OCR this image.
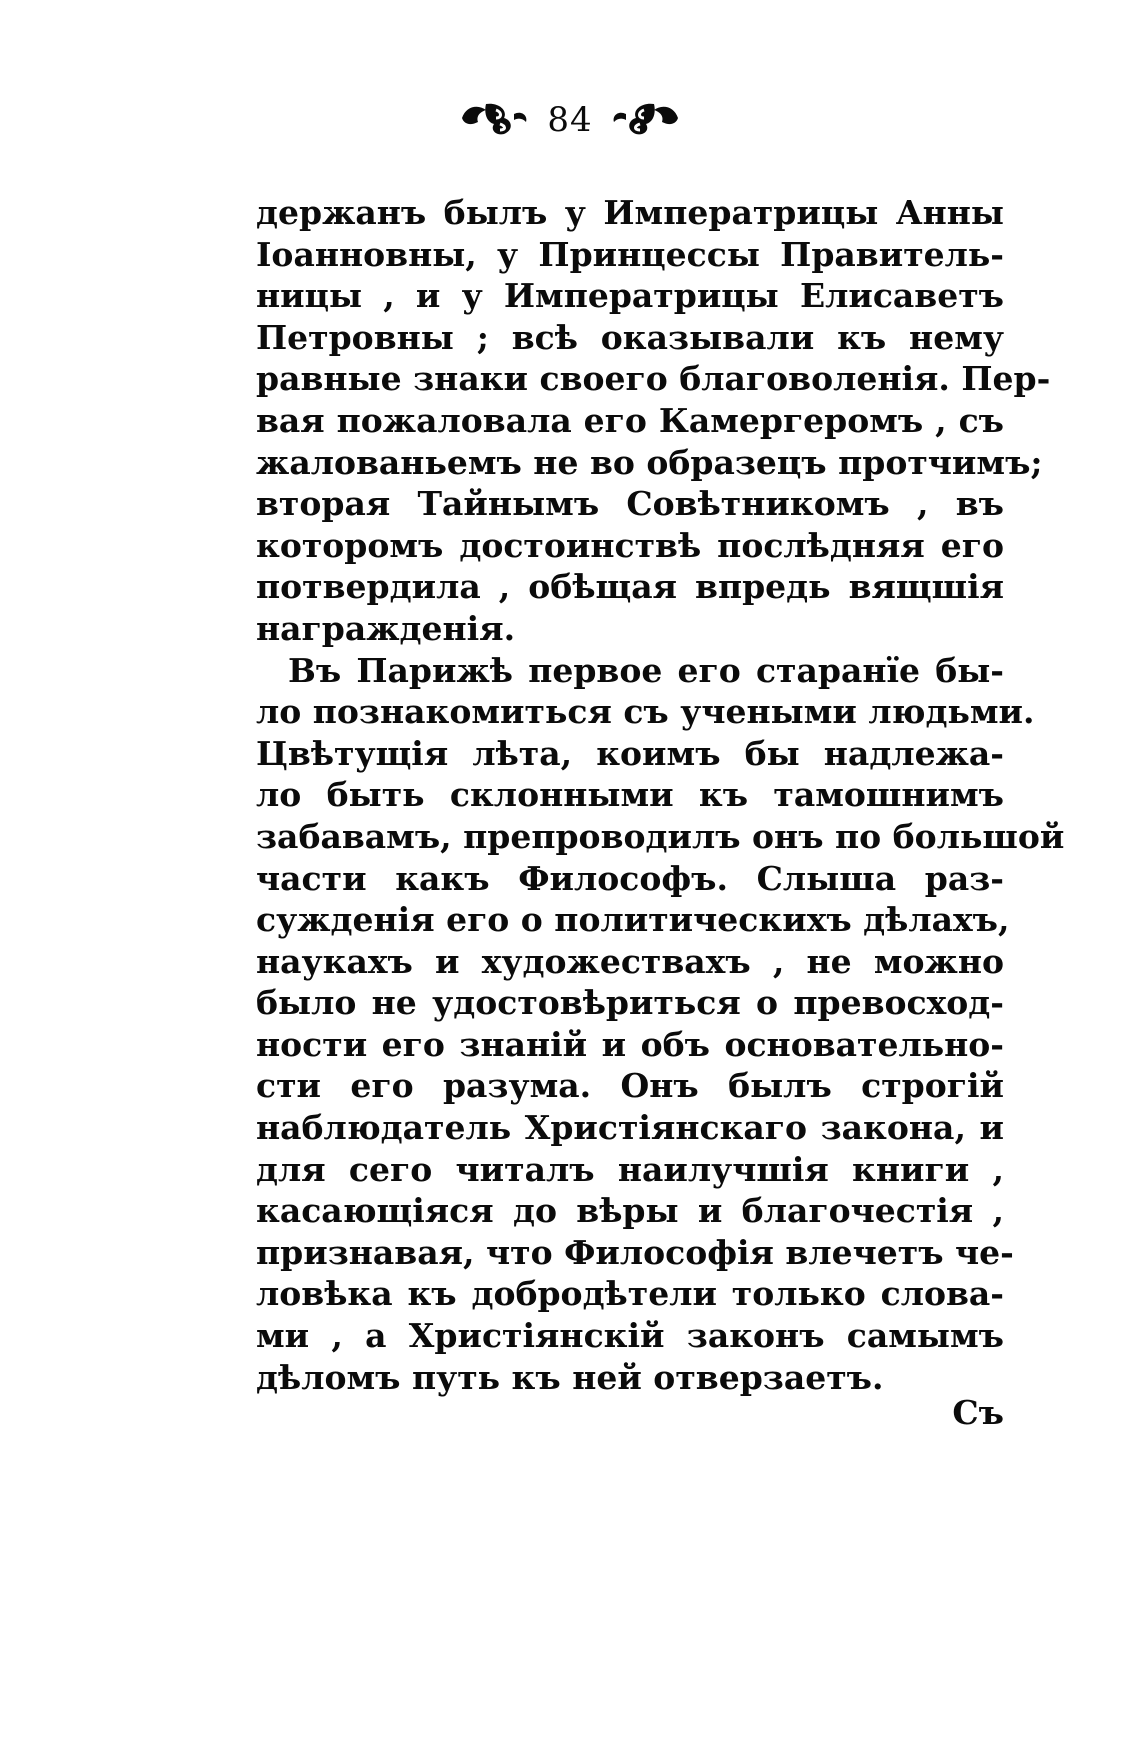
84
держанъ былъ у Императрицы Анны
Іоанновны, у Принцессы Правитель-
ницы , и у Императрицы Елисаветъ
Петровны ; всѣ оказывали къ нему
равные знаки своего благоволенія. Пер-
вая пожаловала его Камергеромъ , съ
жалованьемъ не во образецъ протчимъ;
вторая Тайнымъ Совѣтникомъ , въ
которомъ достоинствѣ послѣдняя его
потвердила , обѣщая впредь вящшія
награжденія.
Въ Парижѣ первое его старанїе бы-
ло познакомиться съ учеными людьми.
Цвѣтущія лѣта, коимъ бы надлежа-
ло быть склонными къ тамошнимъ
забавамъ, препроводилъ онъ по большой
части какъ Философъ. Слыша раз-
сужденія его о политическихъ дѣлахъ,
наукахъ и художествахъ , не можно
было не удостовѣриться о превосход-
ности его знаній и объ основательно-
сти его разума. Онъ былъ строгій
наблюдатель Христіянскаго закона, и
для сего читалъ наилучшія книги ,
касающіяся до вѣры и благочестія ,
признавая, что Философія влечетъ че-
ловѣка къ добродѣтели только слова-
ми , а Христіянскій законъ самымъ
дѣломъ путь къ ней отверзаетъ.
Съ
